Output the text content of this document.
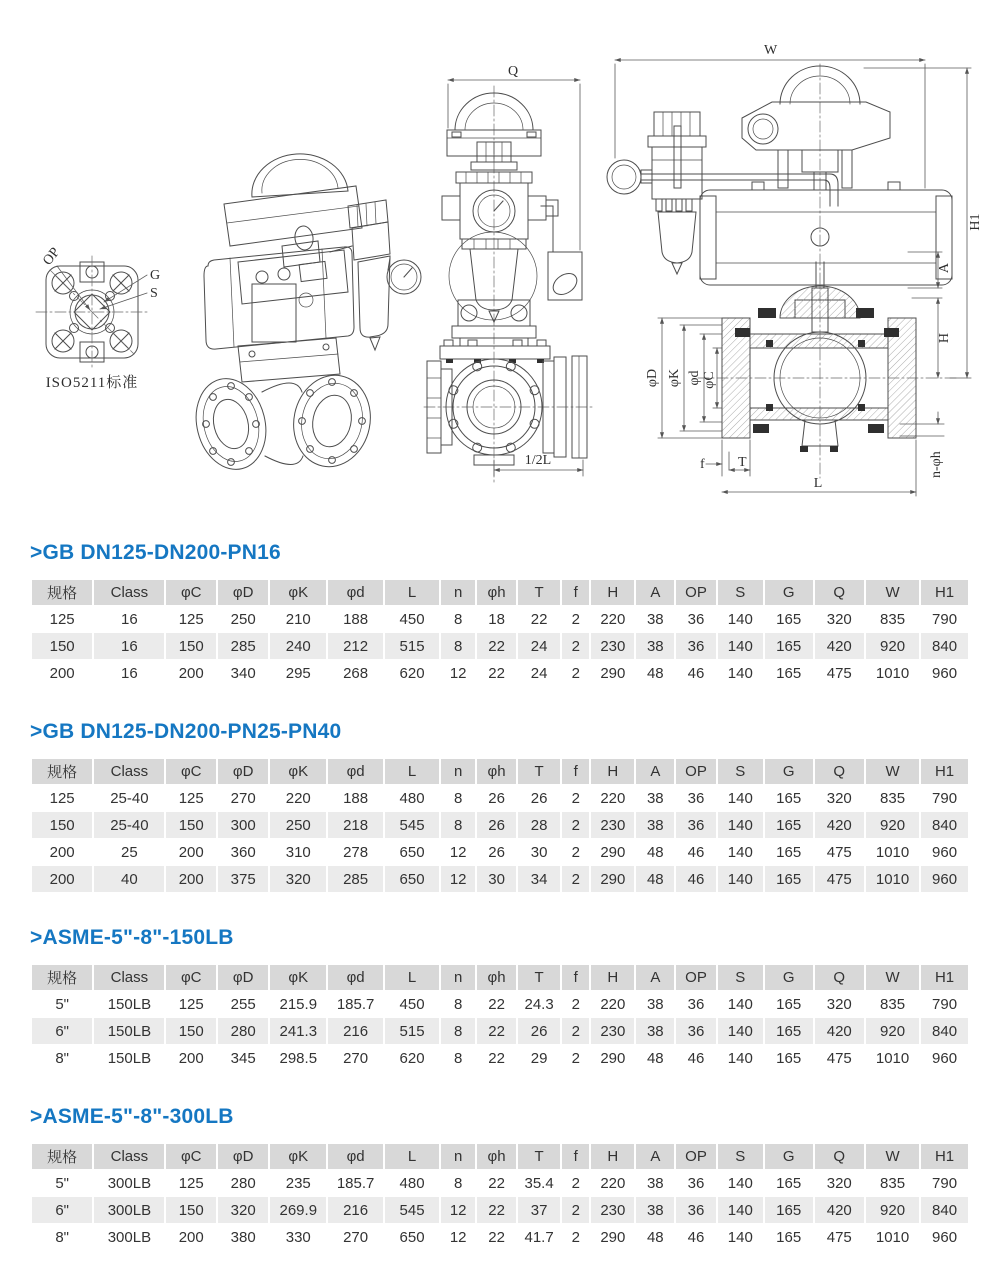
OP
G
S
ISO5211标准
Q
1/2L
W
H1
A
H
φD φK φd φC
f T
L
n-φh
>GB DN125-DN200-PN16
规格	Class	φC	φD	φK	φd	L	n	φh	T	f	H	A	OP	S	G	Q	W	H1
125	16	125	250	210	188	450	8	18	22	2	220	38	36	140	165	320	835	790
150	16	150	285	240	212	515	8	22	24	2	230	38	36	140	165	420	920	840
200	16	200	340	295	268	620	12	22	24	2	290	48	46	140	165	475	1010	960
>GB DN125-DN200-PN25-PN40
规格	Class	φC	φD	φK	φd	L	n	φh	T	f	H	A	OP	S	G	Q	W	H1
125	25-40	125	270	220	188	480	8	26	26	2	220	38	36	140	165	320	835	790
150	25-40	150	300	250	218	545	8	26	28	2	230	38	36	140	165	420	920	840
200	25	200	360	310	278	650	12	26	30	2	290	48	46	140	165	475	1010	960
200	40	200	375	320	285	650	12	30	34	2	290	48	46	140	165	475	1010	960
>ASME-5"-8"-150LB
规格	Class	φC	φD	φK	φd	L	n	φh	T	f	H	A	OP	S	G	Q	W	H1
5"	150LB	125	255	215.9	185.7	450	8	22	24.3	2	220	38	36	140	165	320	835	790
6"	150LB	150	280	241.3	216	515	8	22	26	2	230	38	36	140	165	420	920	840
8"	150LB	200	345	298.5	270	620	8	22	29	2	290	48	46	140	165	475	1010	960
>ASME-5"-8"-300LB
规格	Class	φC	φD	φK	φd	L	n	φh	T	f	H	A	OP	S	G	Q	W	H1
5"	300LB	125	280	235	185.7	480	8	22	35.4	2	220	38	36	140	165	320	835	790
6"	300LB	150	320	269.9	216	545	12	22	37	2	230	38	36	140	165	420	920	840
8"	300LB	200	380	330	270	650	12	22	41.7	2	290	48	46	140	165	475	1010	960
